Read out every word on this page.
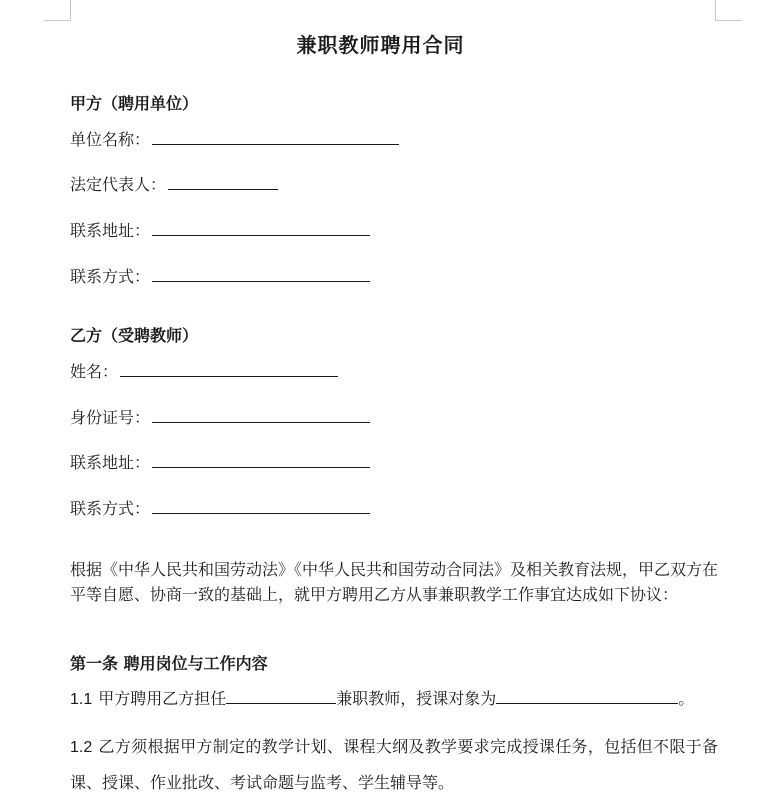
兼职教师聘用合同
甲方（聘用单位）
单位名称：
法定代表人：
联系地址：
联系方式：
乙方（受聘教师）
姓名：
身份证号：
联系地址：
联系方式：
根据《中华人民共和国劳动法》《中华人民共和国劳动合同法》及相关教育法规，甲乙双方在平等自愿、协商一致的基础上，就甲方聘用乙方从事兼职教学工作事宜达成如下协议：
第一条 聘用岗位与工作内容
1.1 甲方聘用乙方担任	兼职教师，授课对象为	。
1.2 乙方须根据甲方制定的教学计划、课程大纲及教学要求完成授课任务，包括但不限于备课、授课、作业批改、考试命题与监考、学生辅导等。
